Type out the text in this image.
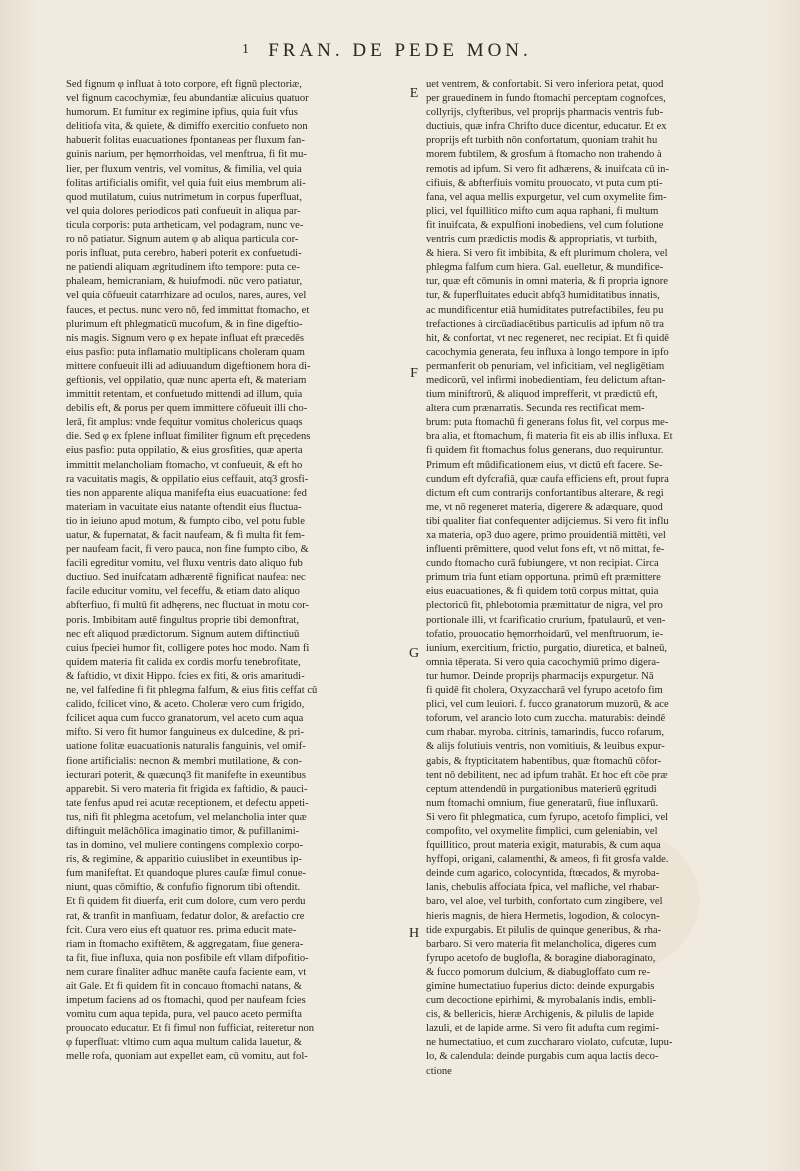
1	FRAN. DE PEDE MON.
Sed fignum φ influat à toto corpore, eft fignū plectoriæ,
vel fignum cacochymiæ, feu abundantiæ alicuius quatuor
humorum. Et fumitur ex regimine ipfius, quia fuit vfus
delitiofa vita, & quiete, & dimiffo exercitio confueto non
habuerit folitas euacuationes fpontaneas per fluxum fan-
guinis narium, per hęmorrhoidas, vel menftrua, fi fit mu-
lier, per fluxum ventris, vel vomitus, & fimilia, vel quia
folitas artificialis omifit, vel quia fuit eius membrum ali-
quod mutilatum, cuius nutrimetum in corpus fuperfluat,
vel quia dolores periodicos pati confueuit in aliqua par-
ticula corporis: puta artheticam, vel podagram, nunc ve-
ro nō patiatur. Signum autem φ ab aliqua particula cor-
poris influat, puta cerebro, haberi poterit ex confuetudi-
ne patiendi aliquam ægritudinem ifto tempore: puta ce-
phaleam, hemicraniam, & huiufmodi. nūc vero patiatur,
vel quia cōfueuit catarrhizare ad oculos, nares, aures, vel
fauces, et pectus. nunc vero nō, fed immittat ftomacho, et
plurimum eft phlegmaticū mucofum, & in fine digeftio-
nis magis. Signum vero φ ex hepate influat eft præcedēs
eius pasfio: puta inflamatio multiplicans choleram quam
mittere confueuit illi ad adiuuandum digeftionem hora di-
geftionis, vel oppilatio, quæ nunc aperta eft, & materiam
immittit retentam, et confuetudo mittendi ad illum, quia
debilis eft, & porus per quem immittere cōfueuit illi cho-
lerā, fit amplus: vnde fequitur vomitus cholericus quaqs
die. Sed φ ex fplene influat fimiliter fignum eft pręcedens
eius pasfio: puta oppilatio, & eius grosfities, quæ aperta
immittit melancholiam ftomacho, vt confueuit, & eft ho
ra vacuitatis magis, & oppilatio eius ceffauit, atq3 grosfi-
ties non apparente aliqua manifefta eius euacuatione: fed
materiam in vacuitate eius natante oftendit eius fluctua-
tio in ieiuno apud motum, & fumpto cibo, vel potu fuble
uatur, & fupernatat, & facit naufeam, & fi multa fit fem-
per naufeam facit, fi vero pauca, non fine fumpto cibo, &
facili egreditur vomitu, vel fluxu ventris dato aliquo fub
ductiuo. Sed inuifcatam adhærentē fignificat naufea: nec
facile educitur vomitu, vel feceffu, & etiam dato aliquo
abfterfiuo, fi multū fit adhęrens, nec fluctuat in motu cor-
poris. Imbibitam autē fingultus proprie tibi demonftrat,
nec eft aliquod prædictorum. Signum autem diftinctiuū
cuius fpeciei humor fit, colligere potes hoc modo. Nam fi
quidem materia fit calida ex cordis morfu tenebrofitate,
& faftidio, vt dixit Hippo. fcies ex fiti, & oris amaritudi-
ne, vel falfedine fi fit phlegma falfum, & eius fitis ceffat cū
calido, fcilicet vino, & aceto. Choleræ vero cum frigido,
fcilicet aqua cum fucco granatorum, vel aceto cum aqua
mifto. Si vero fit humor fanguineus ex dulcedine, & pri-
uatione folitæ euacuationis naturalis fanguinis, vel omif-
fione artificialis: necnon & membri mutilatione, & con-
iecturari poterit, & quæcunq3 fit manifefte in exeuntibus
apparebit. Si vero materia fit frigida ex faftidio, & pauci-
tate fenfus apud rei acutæ receptionem, et defectu appeti-
tus, nifi fit phlegma acetofum, vel melancholia inter quæ
diftinguit melāchōlica imaginatio timor, & pufillanimi-
tas in domino, vel muliere contingens complexio corpo-
ris, & regimine, & apparitio cuiuslibet in exeuntibus ip-
fum manifeftat. Et quandoque plures cauſæ fimul conue-
niunt, quas cōmiftio, & confufio fignorum tibi oftendit.
Et fi quidem fit diuerfa, erit cum dolore, cum vero perdu
rat, & tranfit in manfiuam, fedatur dolor, & arefactio cre
fcit. Cura vero eius eft quatuor res. prima educit mate-
riam in ftomacho exiftētem, & aggregatam, fiue genera-
ta fit, fiue influxa, quia non posfibile eft vllam difpofitio-
nem curare finaliter adhuc manēte caufa faciente eam, vt
ait Gale. Et fi quidem fit in concauo ftomachi natans, &
impetum faciens ad os ftomachi, quod per naufeam fcies
vomitu cum aqua tepida, pura, vel pauco aceto permifta
prouocato educatur. Et fi fimul non fufficiat, reiteretur non
φ fuperfluat: vltimo cum aqua multum calida lauetur, &
melle rofa, quoniam aut expellet eam, cū vomitu, aut fol-
uet ventrem, & confortabit. Si vero inferiora petat, quod
per grauedinem in fundo ftomachi perceptam cognofces,
collyrijs, clyfteribus, vel proprijs pharmacis ventris fub-
ductiuis, quæ infra Chrifto duce dicentur, educatur. Et ex
proprijs eft turbith nōn confortatum, quoniam trahit hu
morem fubtilem, & grosfum à ftomacho non trahendo à
remotis ad ipfum. Si vero fit adhærens, & inuifcata cū in-
cifiuis, & abfterfiuis vomitu prouocato, vt puta cum pti-
fana, vel aqua mellis expurgetur, vel cum oxymelite fim-
plici, vel fquillitico mifto cum aqua raphani, fi multum
fit inuifcata, & expulfioni inobediens, vel cum folutione
ventris cum prædictis modis & appropriatis, vt turbith,
& hiera. Si vero fit imbibita, & eft plurimum cholera, vel
phlegma falfum cum hiera. Gal. euelletur, & mundifice-
tur, quæ eft cōmunis in omni materia, & fi propria ignore
tur, & fuperfluitates educit abfq3 humiditatibus innatis,
ac mundificentur etiā humiditates putrefactibiles, feu pu
trefactiones à circūadiacētibus particulis ad ipfum nō tra
hit, & confortat, vt nec regeneret, nec recipiat. Et fi quidē
cacochymia generata, feu influxa à longo tempore in ipfo
permanferit ob penuriam, vel inficitiam, vel negligētiam
medicorū, vel infirmi inobedientiam, feu delictum aftan-
tium miniftrorū, & aliquod imprefferit, vt prædictū eft,
altera cum prænarratis. Secunda res rectificat mem-
brum: puta ftomachū fi generans folus fit, vel corpus me-
bra alia, et ftomachum, fi materia fit eis ab illis influxa. Et
fi quidem fit ftomachus folus generans, duo requiruntur.
Primum eft mūdificationem eius, vt dictū eft facere. Se-
cundum eft dyfcrafiā, quæ caufa efficiens eft, prout fupra
dictum eft cum contrarijs confortantibus alterare, & regi
me, vt nō regeneret materia, digerere & adæquare, quod
tibi qualiter fiat confequenter adijciemus. Si vero fit influ
xa materia, op3 duo agere, primo prouidentiā mittēti, vel
influenti prēmittere, quod velut fons eft, vt nō mittat, fe-
cundo ftomacho curā fubiungere, vt non recipiat. Circa
primum tria funt etiam opportuna. primū eft præmittere
eius euacuationes, & fi quidem totū corpus mittat, quia
plectoricū fit, phlebotomia præmittatur de nigra, vel pro
portionale illi, vt fcarificatio crurium, fpatulaurū, et ven-
tofatio, prouocatio hęmorrhoidarū, vel menftruorum, ie-
iunium, exercitium, frictio, purgatio, diuretica, et balneū,
omnia tēperata. Si vero quia cacochymiū primo digera-
tur humor. Deinde proprijs pharmacijs expurgetur. Nā
fi quidē fit cholera, Oxyzaccharā vel fyrupo acetofo fim
plici, vel cum leuiori. f. fucco granatorum muzorū, & ace
toforum, vel arancio loto cum zuccha. maturabis: deindē
cum rhabar. myroba. citrinis, tamarindis, fucco rofarum,
& alijs folutiuis ventris, non vomitiuis, & leuibus expur-
gabis, & ftypticitatem habentibus, quæ ftomachū cōfor-
tent nō debilitent, nec ad ipfum trahāt. Et hoc eft cōe præ
ceptum attendendū in purgationibus materierū ęgritudi
num ftomachi omnium, fiue generatarū, fiue influxarū.
Si vero fit phlegmatica, cum fyrupo, acetofo fimplici, vel
compofito, vel oxymelite fimplici, cum geleniabin, vel
fquillitico, prout materia exigit, maturabis, & cum aqua
hyffopi, origani, calamenthi, & ameos, fi fit grosfa valde.
deinde cum agarico, colocyntida, ftœcados, & myroba-
lanis, chebulis affociata fpica, vel mafliche, vel rhabar-
baro, vel aloe, vel turbith, confortato cum zingibere, vel
hieris magnis, de hiera Hermetis, logodion, & colocyn-
tide expurgabis. Et pilulis de quinque generibus, & rha-
barbaro. Si vero materia fit melancholica, digeres cum
fyrupo acetofo de buglofla, & boragine diaboraginato,
& fucco pomorum dulcium, & diabugloffato cum re-
gimine humectatiuo fuperius dicto: deinde expurgabis
cum decoctione epirhimi, & myrobalanis indis, embli-
cis, & bellericis, hieræ Archigenis, & pilulis de lapide
lazuli, et de lapide arme. Si vero fit adufta cum regimi-
ne humectatiuo, et cum zucchararo violato, cufcutæ, lupu-
lo, & calendula: deinde purgabis cum aqua lactis deco-
ctione
E
F
G
H
